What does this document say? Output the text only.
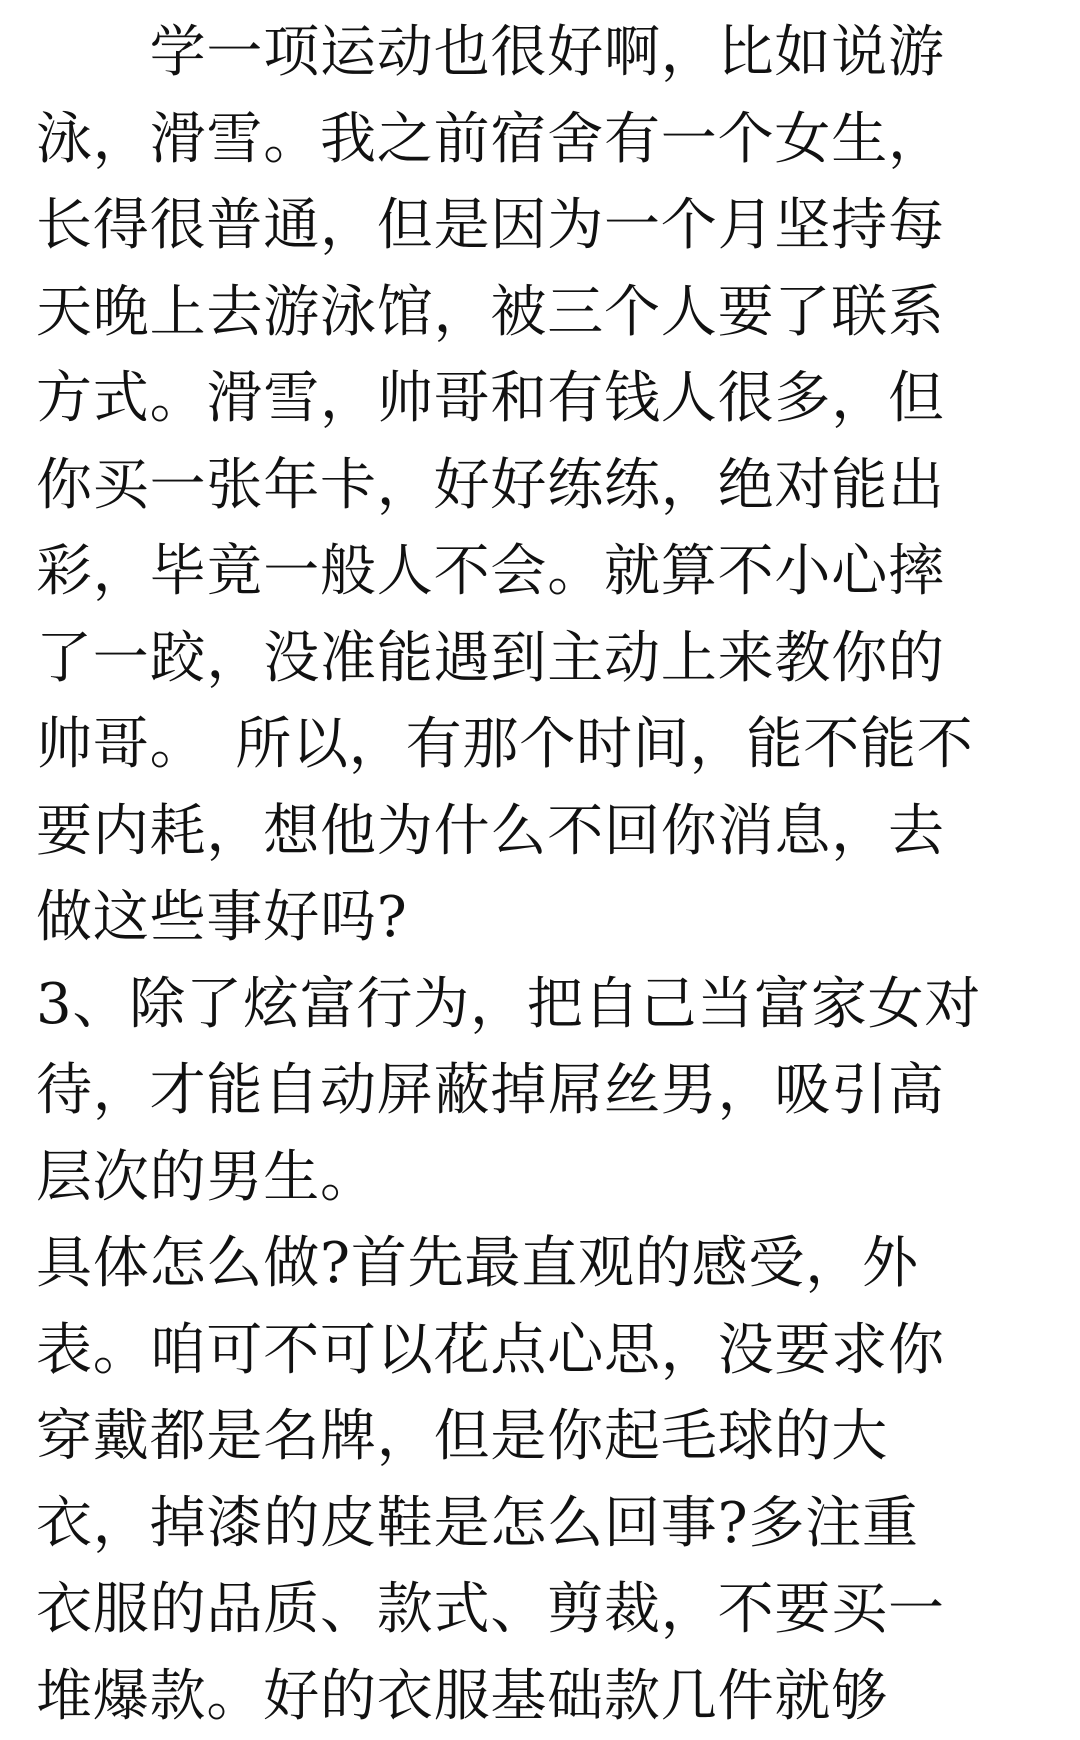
　　学一项运动也很好啊，比如说游
泳，滑雪。我之前宿舍有一个女生，
长得很普通，但是因为一个月坚持每
天晚上去游泳馆，被三个人要了联系
方式。滑雪，帅哥和有钱人很多，但
你买一张年卡，好好练练，绝对能出
彩，毕竟一般人不会。就算不小心摔
了一跤，没准能遇到主动上来教你的
帅哥。　所以，有那个时间，能不能不
要内耗，想他为什么不回你消息，去
做这些事好吗?
3、除了炫富行为，把自己当富家女对
待，才能自动屏蔽掉屌丝男，吸引高
层次的男生。
具体怎么做?首先最直观的感受，外
表。咱可不可以花点心思，没要求你
穿戴都是名牌，但是你起毛球的大
衣，掉漆的皮鞋是怎么回事?多注重
衣服的品质、款式、剪裁，不要买一
堆爆款。好的衣服基础款几件就够
